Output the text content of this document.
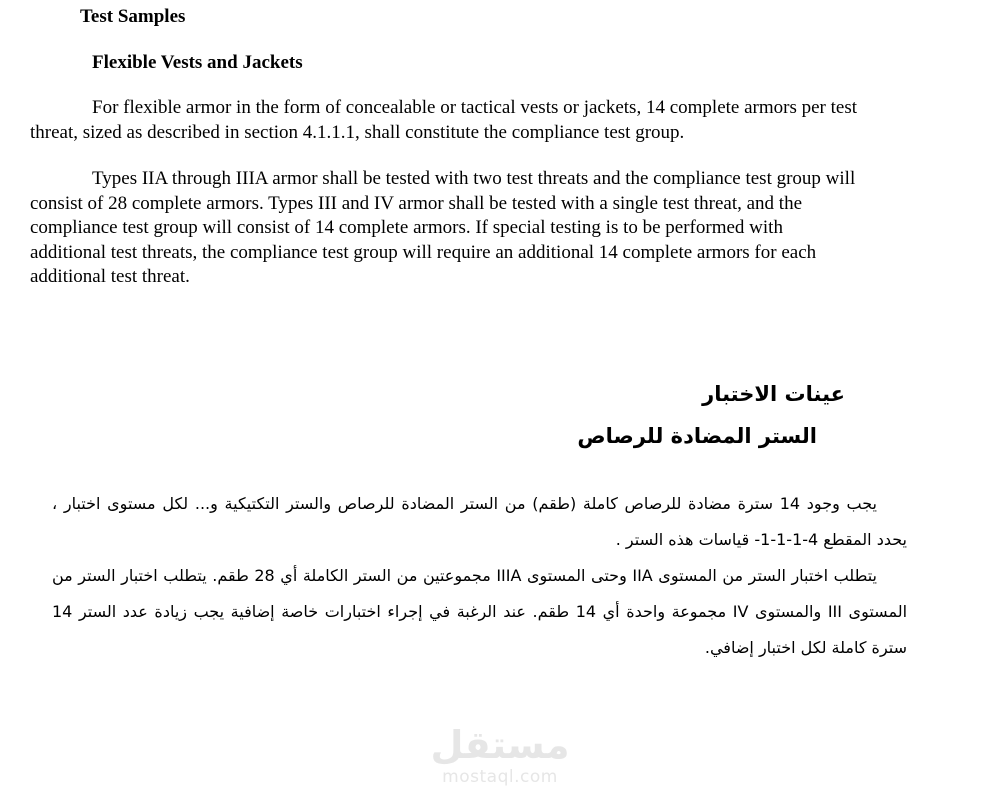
Test Samples
Flexible Vests and Jackets

For flexible armor in the form of concealable or tactical vests or jackets, 14 complete armors per test threat, sized as described in section 4.1.1.1, shall constitute the compliance test group.

Types IIA through IIIA armor shall be tested with two test threats and the compliance test group will consist of 28 complete armors. Types III and IV armor shall be tested with a single test threat, and the compliance test group will consist of 14 complete armors. If special testing is to be performed with additional test threats, the compliance test group will require an additional 14 complete armors for each additional test threat.

عينات الاختبار
الستر المضادة للرصاص

يجب وجود 14 سترة مضادة للرصاص كاملة (طقم) من الستر المضادة للرصاص والستر التكتيكية و... لكل مستوى اختبار ، يحدد المقطع 4-1-1-1- قياسات هذه الستر .

يتطلب اختبار الستر من المستوى IIA وحتى المستوى IIIA مجموعتين من الستر الكاملة أي 28 طقم. يتطلب اختبار الستر من المستوى III والمستوى IV مجموعة واحدة أي 14 طقم. عند الرغبة في إجراء اختبارات خاصة إضافية يجب زيادة عدد الستر 14 سترة كاملة لكل اختبار إضافي.

مستقل
mostaql.com
